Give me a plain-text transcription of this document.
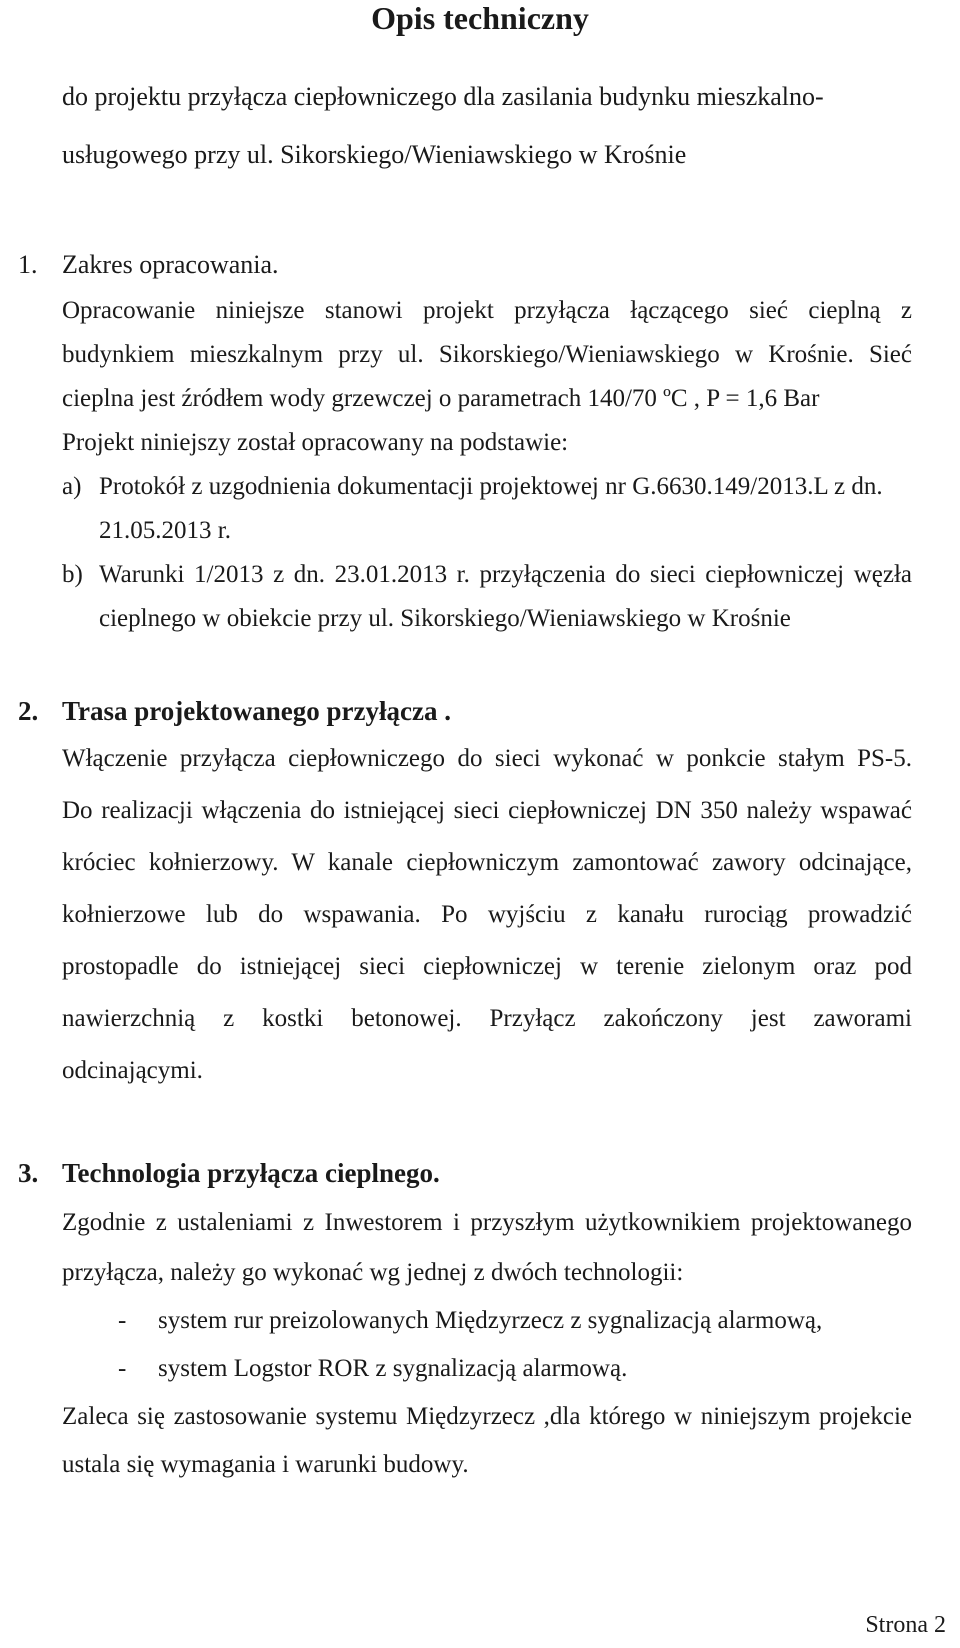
Opis techniczny
do projektu przyłącza ciepłowniczego dla zasilania budynku mieszkalno-
usługowego przy ul. Sikorskiego/Wieniawskiego w Krośnie
1. Zakres opracowania.
Opracowanie niniejsze stanowi projekt przyłącza łączącego sieć cieplną z
budynkiem mieszkalnym przy ul. Sikorskiego/Wieniawskiego w Krośnie. Sieć
cieplna jest źródłem wody grzewczej o parametrach 140/70 ºC , P = 1,6 Bar
Projekt niniejszy został opracowany na podstawie:
a) Protokół z uzgodnienia dokumentacji projektowej nr G.6630.149/2013.L z dn.
21.05.2013 r.
b) Warunki 1/2013 z dn. 23.01.2013 r. przyłączenia do sieci ciepłowniczej węzła
cieplnego w obiekcie przy ul. Sikorskiego/Wieniawskiego w Krośnie
2. Trasa projektowanego przyłącza .
Włączenie przyłącza ciepłowniczego do sieci wykonać w ponkcie stałym PS-5.
Do realizacji włączenia do istniejącej sieci ciepłowniczej DN 350 należy wspawać
króciec kołnierzowy. W kanale ciepłowniczym zamontować zawory odcinające,
kołnierzowe lub do wspawania. Po wyjściu z kanału rurociąg prowadzić
prostopadle do istniejącej sieci ciepłowniczej w terenie zielonym oraz pod
nawierzchnią z kostki betonowej. Przyłącz zakończony jest zaworami
odcinającymi.
3. Technologia przyłącza cieplnego.
Zgodnie z ustaleniami z Inwestorem i przyszłym użytkownikiem projektowanego
przyłącza, należy go wykonać wg jednej z dwóch technologii:
- system rur preizolowanych Międzyrzecz z sygnalizacją alarmową,
- system Logstor ROR z sygnalizacją alarmową.
Zaleca się zastosowanie systemu Międzyrzecz ,dla którego w niniejszym projekcie
ustala się wymagania i warunki budowy.
Strona 2
